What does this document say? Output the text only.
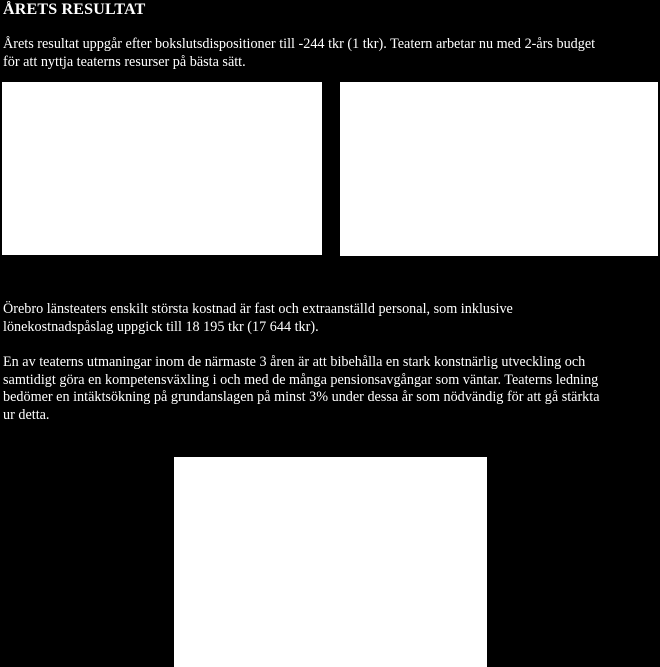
ÅRETS RESULTAT

Årets resultat uppgår efter bokslutsdispositioner till -244 tkr (1 tkr). Teatern arbetar nu med 2-års budget
för att nyttja teaterns resurser på bästa sätt.

Örebro länsteaters enskilt största kostnad är fast och extraanställd personal, som inklusive
lönekostnadspåslag uppgick till 18 195 tkr (17 644 tkr).

En av teaterns utmaningar inom de närmaste 3 åren är att bibehålla en stark konstnärlig utveckling och
samtidigt göra en kompetensväxling i och med de många pensionsavgångar som väntar. Teaterns ledning
bedömer en intäktsökning på grundanslagen på minst 3% under dessa år som nödvändig för att gå stärkta
ur detta.
